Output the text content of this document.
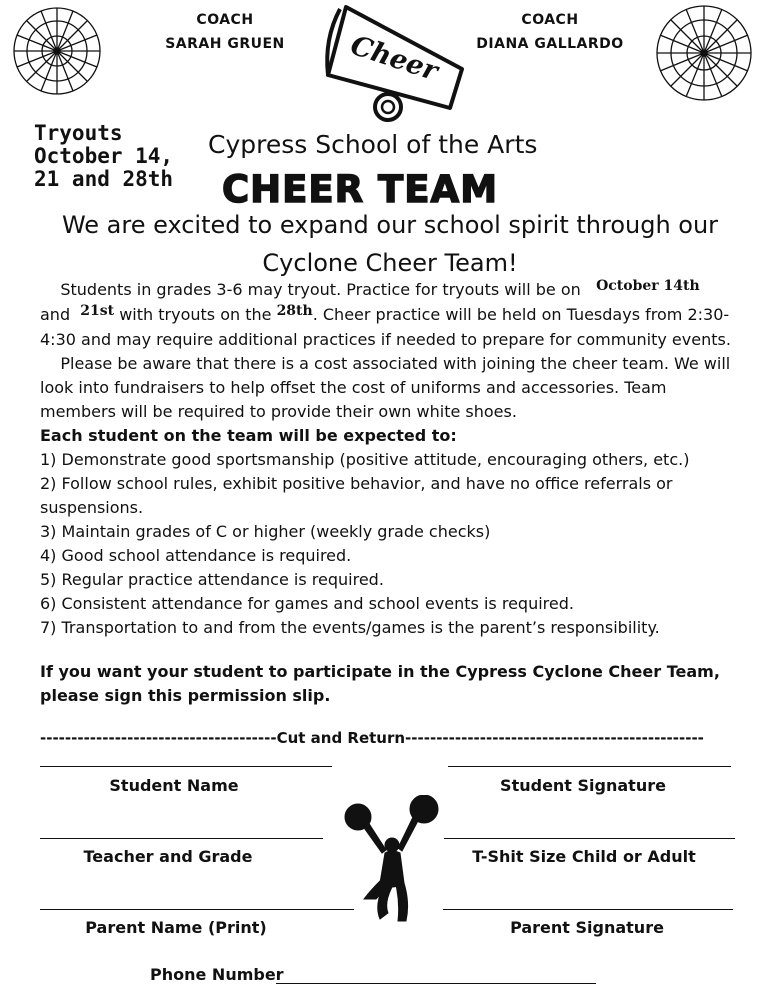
COACH
SARAH GRUEN
COACH
DIANA GALLARDO
Cheer
Tryouts
October 14,
21 and 28th
Cypress School of the Arts
CHEER TEAM
We are excited to expand our school spirit through our Cyclone Cheer Team!

Students in grades 3-6 may tryout. Practice for tryouts will be on October 14th
and 21st with tryouts on the 28th. Cheer practice will be held on Tuesdays from 2:30-4:30 and may require additional practices if needed to prepare for community events.

Please be aware that there is a cost associated with joining the cheer team. We will look into fundraisers to help offset the cost of uniforms and accessories. Team members will be required to provide their own white shoes.

Each student on the team will be expected to:

1) Demonstrate good sportsmanship (positive attitude, encouraging others, etc.)

2) Follow school rules, exhibit positive behavior, and have no office referrals or suspensions.

3) Maintain grades of C or higher (weekly grade checks)

4) Good school attendance is required.

5) Regular practice attendance is required.

6) Consistent attendance for games and school events is required.

7) Transportation to and from the events/games is the parent’s responsibility.

If you want your student to participate in the Cypress Cyclone Cheer Team, please sign this permission slip.

--------------------------------------Cut and Return------------------------------------------------
Student Name	Student Signature
Teacher and Grade	T-Shit Size Child or Adult
Parent Name (Print)	Parent Signature
Phone Number
